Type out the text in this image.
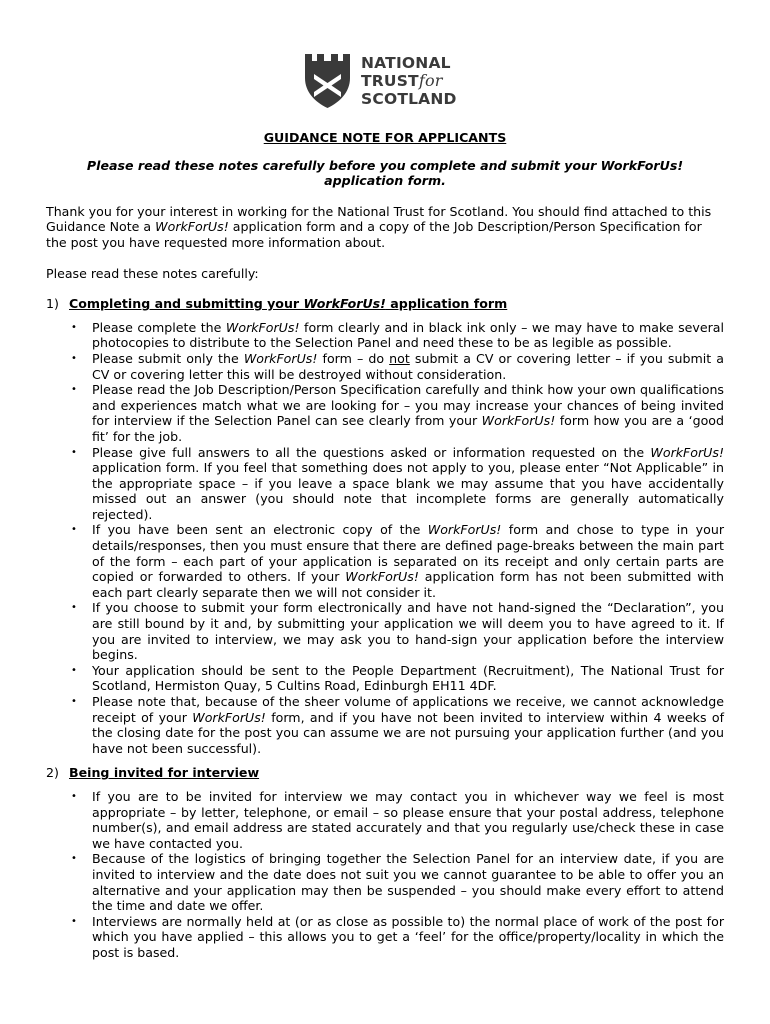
NATIONAL
TRUSTfor
SCOTLAND
GUIDANCE NOTE FOR APPLICANTS
Please read these notes carefully before you complete and submit your WorkForUs! application form.

Thank you for your interest in working for the National Trust for Scotland. You should find attached to this Guidance Note a WorkForUs! application form and a copy of the Job Description/Person Specification for the post you have requested more information about.

Please read these notes carefully:

1) Completing and submitting your WorkForUs! application form
• Please complete the WorkForUs! form clearly and in black ink only – we may have to make several photocopies to distribute to the Selection Panel and need these to be as legible as possible.
• Please submit only the WorkForUs! form – do not submit a CV or covering letter – if you submit a CV or covering letter this will be destroyed without consideration.
• Please read the Job Description/Person Specification carefully and think how your own qualifications and experiences match what we are looking for – you may increase your chances of being invited for interview if the Selection Panel can see clearly from your WorkForUs! form how you are a ‘good fit’ for the job.
• Please give full answers to all the questions asked or information requested on the WorkForUs! application form. If you feel that something does not apply to you, please enter “Not Applicable” in the appropriate space – if you leave a space blank we may assume that you have accidentally missed out an answer (you should note that incomplete forms are generally automatically rejected).
• If you have been sent an electronic copy of the WorkForUs! form and chose to type in your details/responses, then you must ensure that there are defined page-breaks between the main part of the form – each part of your application is separated on its receipt and only certain parts are copied or forwarded to others. If your WorkForUs! application form has not been submitted with each part clearly separate then we will not consider it.
• If you choose to submit your form electronically and have not hand-signed the “Declaration”, you are still bound by it and, by submitting your application we will deem you to have agreed to it. If you are invited to interview, we may ask you to hand-sign your application before the interview begins.
• Your application should be sent to the People Department (Recruitment), The National Trust for Scotland, Hermiston Quay, 5 Cultins Road, Edinburgh EH11 4DF.
• Please note that, because of the sheer volume of applications we receive, we cannot acknowledge receipt of your WorkForUs! form, and if you have not been invited to interview within 4 weeks of the closing date for the post you can assume we are not pursuing your application further (and you have not been successful).
2) Being invited for interview
• If you are to be invited for interview we may contact you in whichever way we feel is most appropriate – by letter, telephone, or email – so please ensure that your postal address, telephone number(s), and email address are stated accurately and that you regularly use/check these in case we have contacted you.
• Because of the logistics of bringing together the Selection Panel for an interview date, if you are invited to interview and the date does not suit you we cannot guarantee to be able to offer you an alternative and your application may then be suspended – you should make every effort to attend the time and date we offer.
• Interviews are normally held at (or as close as possible to) the normal place of work of the post for which you have applied – this allows you to get a ‘feel’ for the office/property/locality in which the post is based.
